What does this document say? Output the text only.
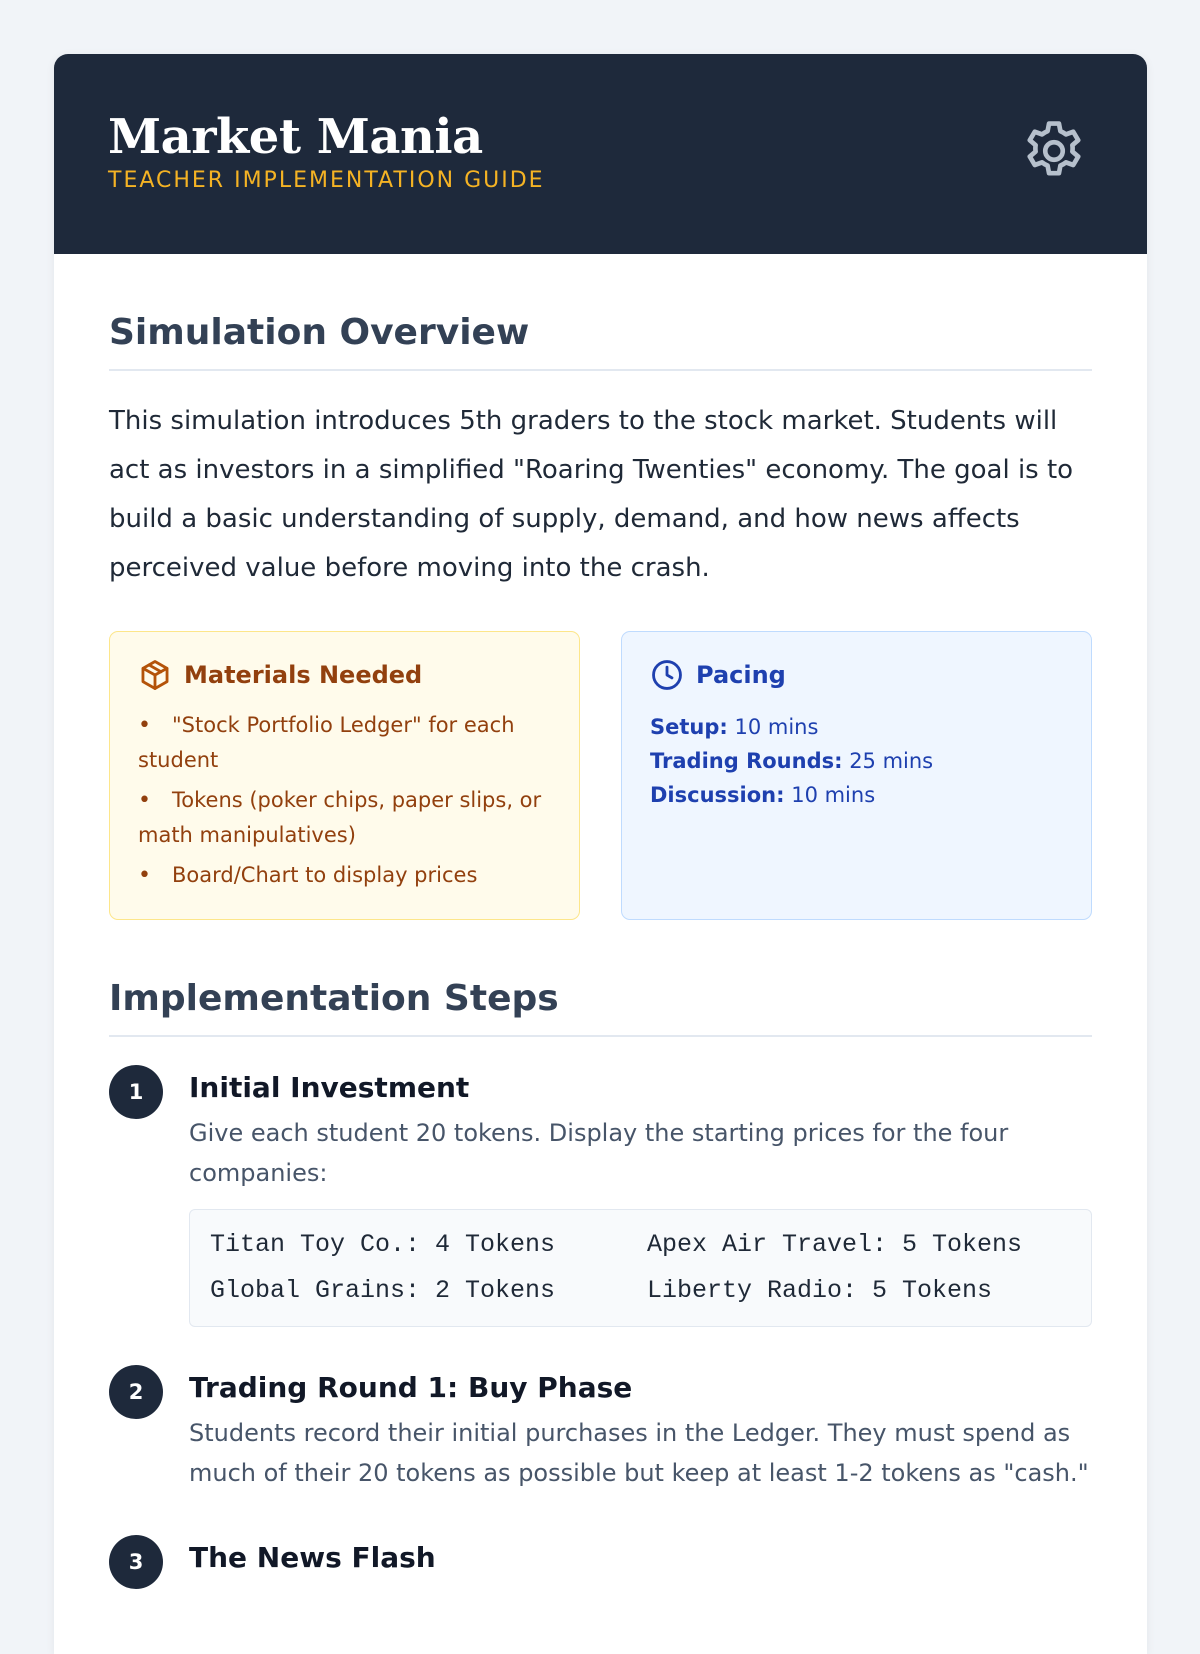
Market Mania
TEACHER IMPLEMENTATION GUIDE
Simulation Overview

This simulation introduces 5th graders to the stock market. Students will act as investors in a simplified "Roaring Twenties" economy. The goal is to build a basic understanding of supply, demand, and how news affects perceived value before moving into the crash.

Materials Needed
• "Stock Portfolio Ledger" for each student
• Tokens (poker chips, paper slips, or math manipulatives)
• Board/Chart to display prices
Pacing
Setup: 10 mins
Trading Rounds: 25 mins
Discussion: 10 mins
Implementation Steps
1	Initial Investment

Give each student 20 tokens. Display the starting prices for the four companies:

Titan Toy Co.: 4 Tokens	Apex Air Travel: 5 Tokens
Global Grains: 2 Tokens	Liberty Radio: 5 Tokens
2	Trading Round 1: Buy Phase

Students record their initial purchases in the Ledger. They must spend as much of their 20 tokens as possible but keep at least 1-2 tokens as "cash."

3	The News Flash
